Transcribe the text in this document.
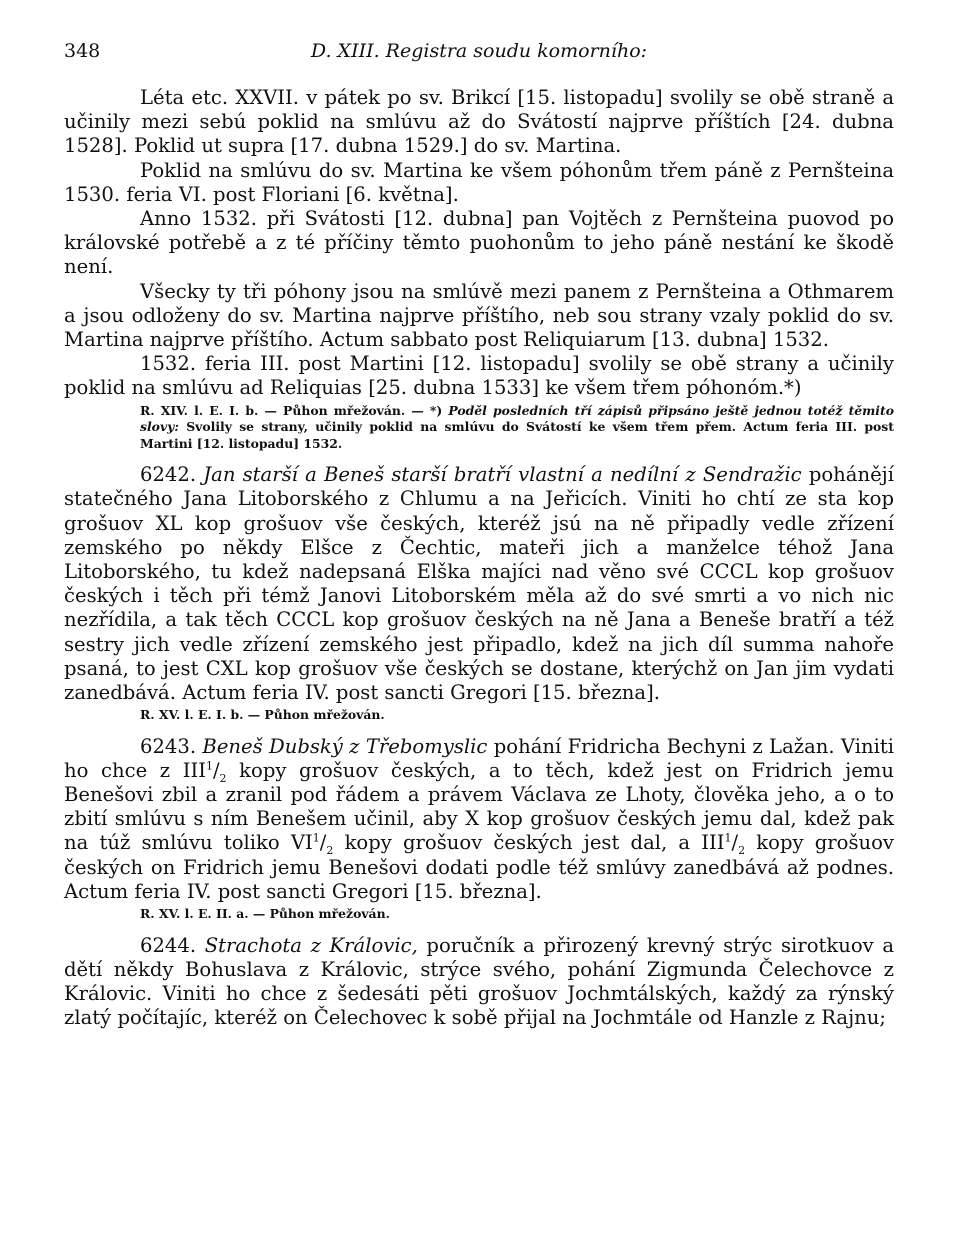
348	D. XIII. Registra soudu komorního:

Léta etc. XXVII. v pátek po sv. Brikcí [15. listopadu] svolily se obě straně a učinily mezi sebú poklid na smlúvu až do Svátostí najprve příštích [24. dubna 1528]. Poklid ut supra [17. dubna 1529.] do sv. Martina.

Poklid na smlúvu do sv. Martina ke všem póhonům třem páně z Pernšteina 1530. feria VI. post Floriani [6. května].

Anno 1532. při Svátosti [12. dubna] pan Vojtěch z Pernšteina puovod po královské potřebě a z té příčiny těmto puohonům to jeho páně nestání ke škodě není.

Všecky ty tři póhony jsou na smlúvě mezi panem z Pernšteina a Othmarem a jsou odloženy do sv. Martina najprve příštího, neb sou strany vzaly poklid do sv. Martina najprve příštího. Actum sabbato post Reliquiarum [13. dubna] 1532.

1532. feria III. post Martini [12. listopadu] svolily se obě strany a učinily poklid na smlúvu ad Reliquias [25. dubna 1533] ke všem třem póhonóm.*)

R. XIV. l. E. I. b. — Půhon mřežován. — *) Poděl posledních tří zápisů připsáno ještě jednou totéž těmito slovy: Svolily se strany, učinily poklid na smlúvu do Svátostí ke všem třem přem. Actum feria III. post Martini [12. listopadu] 1532.

6242. Jan starší a Beneš starší bratří vlastní a nedílní z Sendražic pohánějí statečného Jana Litoborského z Chlumu a na Jeřicích. Viniti ho chtí ze sta kop grošuov XL kop grošuov vše českých, kteréž jsú na ně připadly vedle zřízení zemského po někdy Elšce z Čechtic, mateři jich a manželce téhož Jana Litoborského, tu kdež nadepsaná Elška majíci nad věno své CCCL kop grošuov českých i těch při témž Janovi Litoborském měla až do své smrti a vo nich nic nezřídila, a tak těch CCCL kop grošuov českých na ně Jana a Beneše bratří a též sestry jich vedle zřízení zemského jest připadlo, kdež na jich díl summa nahoře psaná, to jest CXL kop grošuov vše českých se dostane, kterýchž on Jan jim vydati zanedbává. Actum feria IV. post sancti Gregori [15. března].

R. XV. l. E. I. b. — Půhon mřežován.

6243. Beneš Dubský z Třebomyslic pohání Fridricha Bechyni z Lažan. Viniti ho chce z $III^1/_2$ kopy grošuov českých, a to těch, kdež jest on Fridrich jemu Benešovi zbil a zranil pod řádem a právem Václava ze Lhoty, člověka jeho, a o to zbití smlúvu s ním Benešem učinil, aby X kop grošuov českých jemu dal, kdež pak na túž smlúvu toliko $VI^1/_2$ kopy grošuov českých jest dal, a $III^1/_2$ kopy grošuov českých on Fridrich jemu Benešovi dodati podle též smlúvy zanedbává až podnes. Actum feria IV. post sancti Gregori [15. března].

R. XV. l. E. II. a. — Půhon mřežován.

6244. Strachota z Královic, poručník a přirozený krevný strýc sirotkuov a dětí někdy Bohuslava z Královic, strýce svého, pohání Zigmunda Čelechovce z Královic. Viniti ho chce z šedesáti pěti grošuov Jochmtálských, každý za rýnský zlatý počítajíc, kteréž on Čelechovec k sobě přijal na Jochmtále od Hanzle z Rajnu;
